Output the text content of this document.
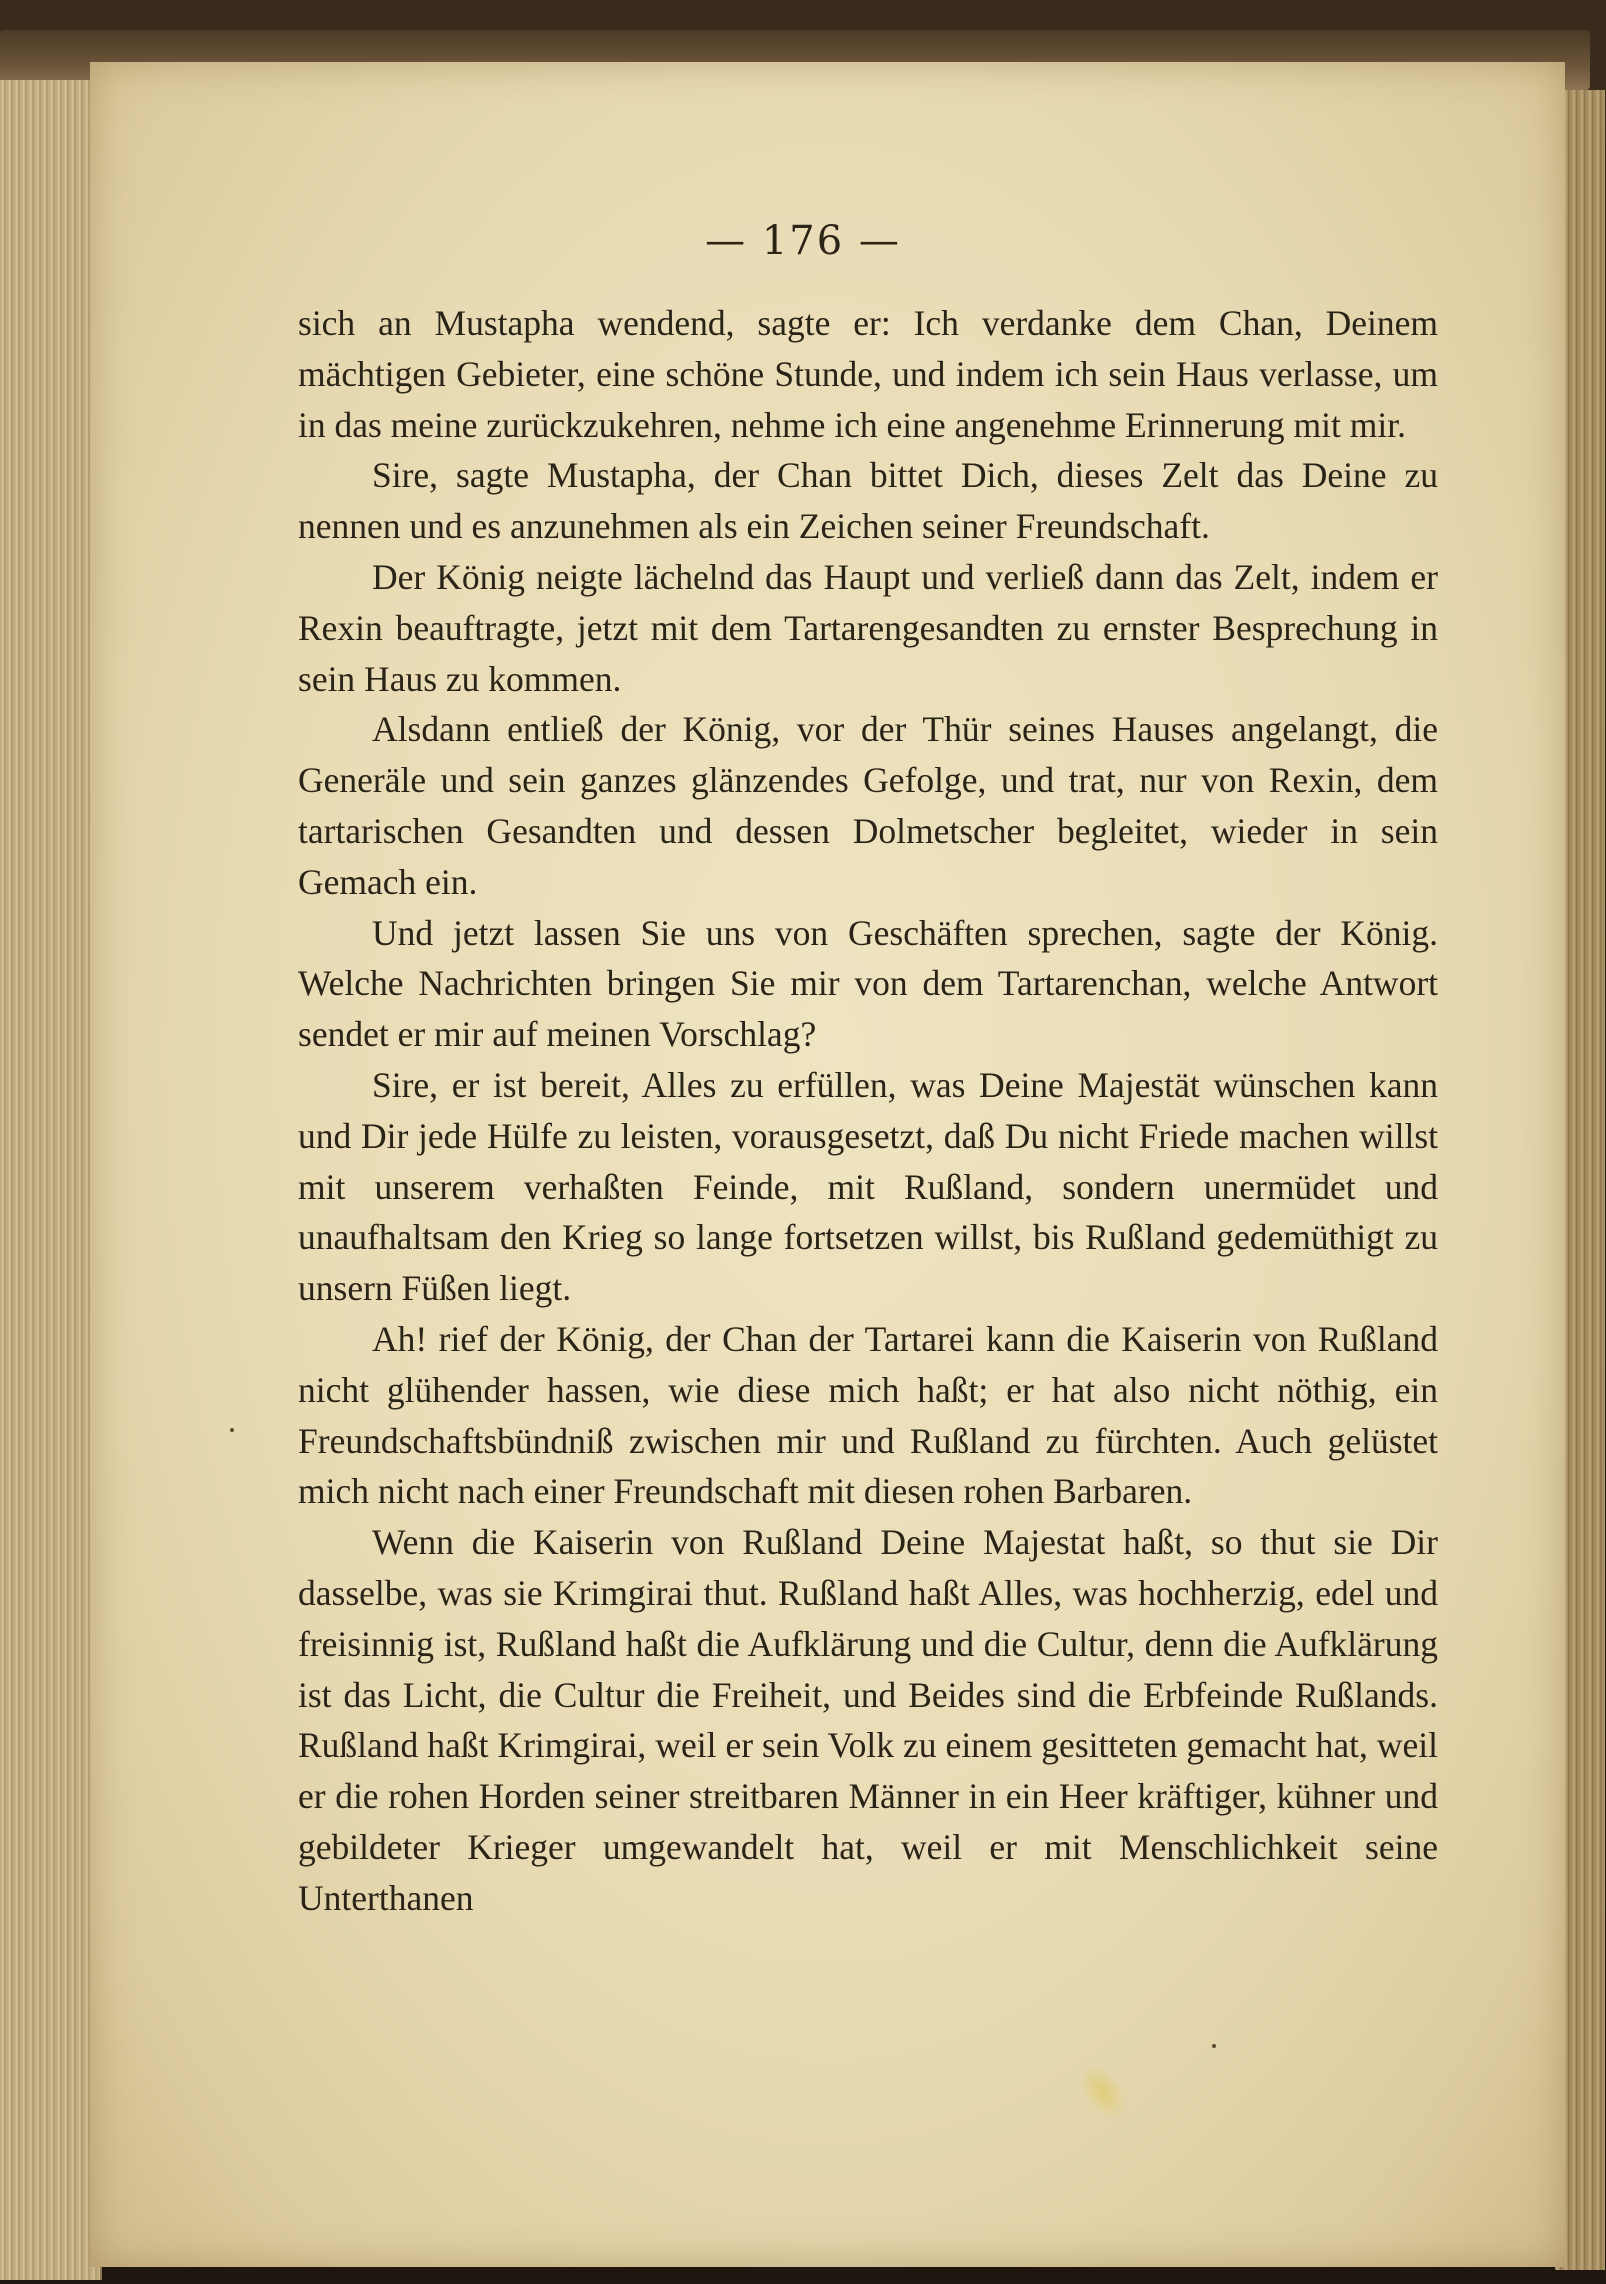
— 176 —

sich an Mustapha wendend, sagte er: Ich verdanke dem Chan, Deinem mächtigen Gebieter, eine schöne Stunde, und indem ich sein Haus verlasse, um in das meine zurückzukehren, nehme ich eine angenehme Erinnerung mit mir.

Sire, sagte Mustapha, der Chan bittet Dich, dieses Zelt das Deine zu nennen und es anzunehmen als ein Zeichen seiner Freundschaft.

Der König neigte lächelnd das Haupt und verließ dann das Zelt, indem er Rexin beauftragte, jetzt mit dem Tartarengesandten zu ernster Besprechung in sein Haus zu kommen.

Alsdann entließ der König, vor der Thür seines Hauses angelangt, die Generäle und sein ganzes glänzendes Gefolge, und trat, nur von Rexin, dem tartarischen Gesandten und dessen Dolmetscher begleitet, wieder in sein Gemach ein.

Und jetzt lassen Sie uns von Geschäften sprechen, sagte der König. Welche Nachrichten bringen Sie mir von dem Tartarenchan, welche Antwort sendet er mir auf meinen Vorschlag?

Sire, er ist bereit, Alles zu erfüllen, was Deine Majestät wünschen kann und Dir jede Hülfe zu leisten, vorausgesetzt, daß Du nicht Friede machen willst mit unserem verhaßten Feinde, mit Rußland, sondern unermüdet und unaufhaltsam den Krieg so lange fortsetzen willst, bis Rußland gedemüthigt zu unsern Füßen liegt.

Ah! rief der König, der Chan der Tartarei kann die Kaiserin von Rußland nicht glühender hassen, wie diese mich haßt; er hat also nicht nöthig, ein Freundschaftsbündniß zwischen mir und Rußland zu fürchten. Auch gelüstet mich nicht nach einer Freundschaft mit diesen rohen Barbaren.

Wenn die Kaiserin von Rußland Deine Majestat haßt, so thut sie Dir dasselbe, was sie Krimgirai thut. Rußland haßt Alles, was hochherzig, edel und freisinnig ist, Rußland haßt die Aufklärung und die Cultur, denn die Aufklärung ist das Licht, die Cultur die Freiheit, und Beides sind die Erbfeinde Rußlands. Rußland haßt Krimgirai, weil er sein Volk zu einem gesitteten gemacht hat, weil er die rohen Horden seiner streitbaren Männer in ein Heer kräftiger, kühner und gebildeter Krieger umgewandelt hat, weil er mit Menschlichkeit seine Unterthanen
